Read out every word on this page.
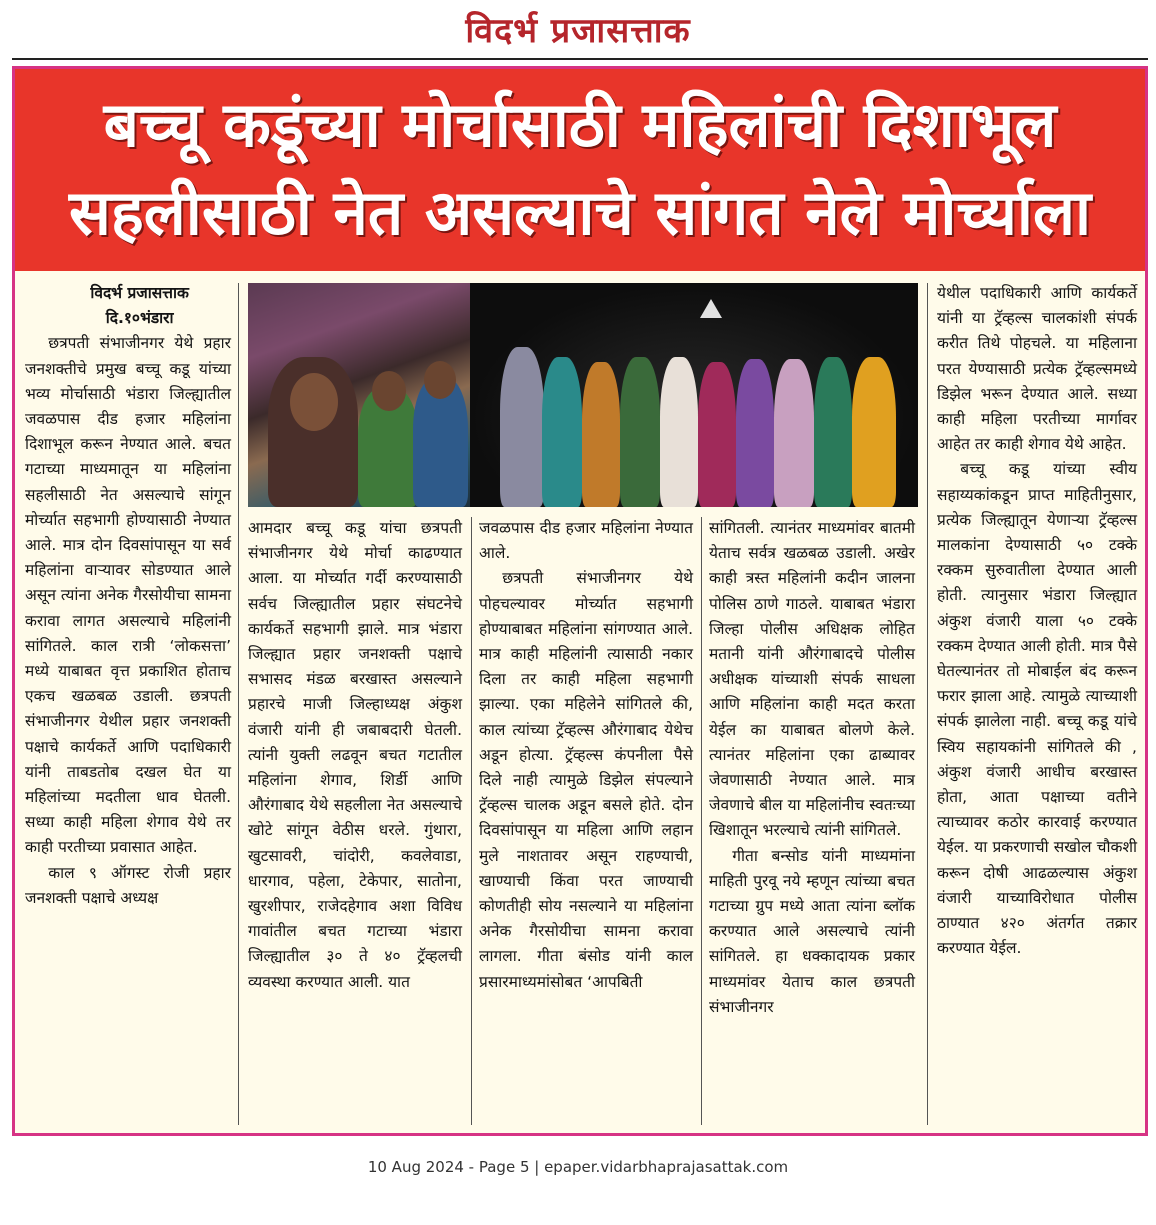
विदर्भ प्रजासत्ताक
बच्चू कडूंच्या मोर्चासाठी महिलांची दिशाभूल
सहलीसाठी नेत असल्याचे सांगत नेले मोर्च्याला

विदर्भ प्रजासत्ताक

दि.१०भंडारा

छत्रपती संभाजीनगर येथे प्रहार जनशक्तीचे प्रमुख बच्चू कडू यांच्या भव्य मोर्चासाठी भंडारा जिल्ह्यातील जवळपास दीड हजार महिलांना दिशाभूल करून नेण्यात आले. बचत गटाच्या माध्यमातून या महिलांना सहलीसाठी नेत असल्याचे सांगून मोर्च्यात सहभागी होण्यासाठी नेण्यात आले. मात्र दोन दिवसांपासून या सर्व महिलांना वाऱ्यावर सोडण्यात आले असून त्यांना अनेक गैरसोयीचा सामना करावा लागत असल्याचे महिलांनी सांगितले. काल रात्री ‘लोकसत्ता’ मध्ये याबाबत वृत्त प्रकाशित होताच एकच खळबळ उडाली. छत्रपती संभाजीनगर येथील प्रहार जनशक्ती पक्षाचे कार्यकर्ते आणि पदाधिकारी यांनी ताबडतोब दखल घेत या महिलांच्या मदतीला धाव घेतली. सध्या काही महिला शेगाव येथे तर काही परतीच्या प्रवासात आहेत.

काल ९ ऑगस्ट रोजी प्रहार जनशक्ती पक्षाचे अध्यक्ष

आमदार बच्चू कडू यांचा छत्रपती संभाजीनगर येथे मोर्चा काढण्यात आला. या मोर्च्यात गर्दी करण्यासाठी सर्वच जिल्ह्यातील प्रहार संघटनेचे कार्यकर्ते सहभागी झाले. मात्र भंडारा जिल्ह्यात प्रहार जनशक्ती पक्षाचे सभासद मंडळ बरखास्त असल्याने प्रहारचे माजी जिल्हाध्यक्ष अंकुश वंजारी यांनी ही जबाबदारी घेतली. त्यांनी युक्ती लढवून बचत गटातील महिलांना शेगाव, शिर्डी आणि औरंगाबाद येथे सहलीला नेत असल्याचे खोटे सांगून वेठीस धरले. गुंथारा, खुटसावरी, चांदोरी, कवलेवाडा, धारगाव, पहेला, टेकेपार, सातोना, खुरशीपार, राजेदहेगाव अशा विविध गावांतील बचत गटाच्या भंडारा जिल्ह्यातील ३० ते ४० ट्रॅव्हलची व्यवस्था करण्यात आली. यात

जवळपास दीड हजार महिलांना नेण्यात आले.

छत्रपती संभाजीनगर येथे पोहचल्यावर मोर्च्यात सहभागी होण्याबाबत महिलांना सांगण्यात आले. मात्र काही महिलांनी त्यासाठी नकार दिला तर काही महिला सहभागी झाल्या. एका महिलेने सांगितले की, काल त्यांच्या ट्रॅव्हल्स औरंगाबाद येथेच अडून होत्या. ट्रॅव्हल्स कंपनीला पैसे दिले नाही त्यामुळे डिझेल संपल्याने ट्रॅव्हल्स चालक अडून बसले होते. दोन दिवसांपासून या महिला आणि लहान मुले नाशतावर असून राहण्याची, खाण्याची किंवा परत जाण्याची कोणतीही सोय नसल्याने या महिलांना अनेक गैरसोयीचा सामना करावा लागला. गीता बंसोड यांनी काल प्रसारमाध्यमांसोबत ‘आपबिती

सांगितली. त्यानंतर माध्यमांवर बातमी येताच सर्वत्र खळबळ उडाली. अखेर काही त्रस्त महिलांनी कदीन जालना पोलिस ठाणे गाठले. याबाबत भंडारा जिल्हा पोलीस अधिक्षक लोहित मतानी यांनी औरंगाबादचे पोलीस अधीक्षक यांच्याशी संपर्क साधला आणि महिलांना काही मदत करता येईल का याबाबत बोलणे केले. त्यानंतर महिलांना एका ढाब्यावर जेवणासाठी नेण्यात आले. मात्र जेवणाचे बील या महिलांनीच स्वतःच्या खिशातून भरल्याचे त्यांनी सांगितले.

गीता बन्सोड यांनी माध्यमांना माहिती पुरवू नये म्हणून त्यांच्या बचत गटाच्या ग्रुप मध्ये आता त्यांना ब्लॉक करण्यात आले असल्याचे त्यांनी सांगितले. हा धक्कादायक प्रकार माध्यमांवर येताच काल छत्रपती संभाजीनगर

येथील पदाधिकारी आणि कार्यकर्ते यांनी या ट्रॅव्हल्स चालकांशी संपर्क करीत तिथे पोहचले. या महिलाना परत येण्यासाठी प्रत्येक ट्रॅव्हल्समध्ये डिझेल भरून देण्यात आले. सध्या काही महिला परतीच्या मार्गावर आहेत तर काही शेगाव येथे आहेत.

बच्चू कडू यांच्या स्वीय सहाय्यकांकडून प्राप्त माहितीनुसार, प्रत्येक जिल्ह्यातून येणाऱ्या ट्रॅव्हल्स मालकांना देण्यासाठी ५० टक्के रक्कम सुरुवातीला देण्यात आली होती. त्यानुसार भंडारा जिल्ह्यात अंकुश वंजारी याला ५० टक्के रक्कम देण्यात आली होती. मात्र पैसे घेतल्यानंतर तो मोबाईल बंद करून फरार झाला आहे. त्यामुळे त्याच्याशी संपर्क झालेला नाही. बच्चू कडू यांचे स्विय सहायकांनी सांगितले की , अंकुश वंजारी आधीच बरखास्त होता, आता पक्षाच्या वतीने त्याच्यावर कठोर कारवाई करण्यात येईल. या प्रकरणाची सखोल चौकशी करून दोषी आढळल्यास अंकुश वंजारी याच्याविरोधात पोलीस ठाण्यात ४२० अंतर्गत तक्रार करण्यात येईल.

10 Aug 2024 - Page 5 | epaper.vidarbhaprajasattak.com
